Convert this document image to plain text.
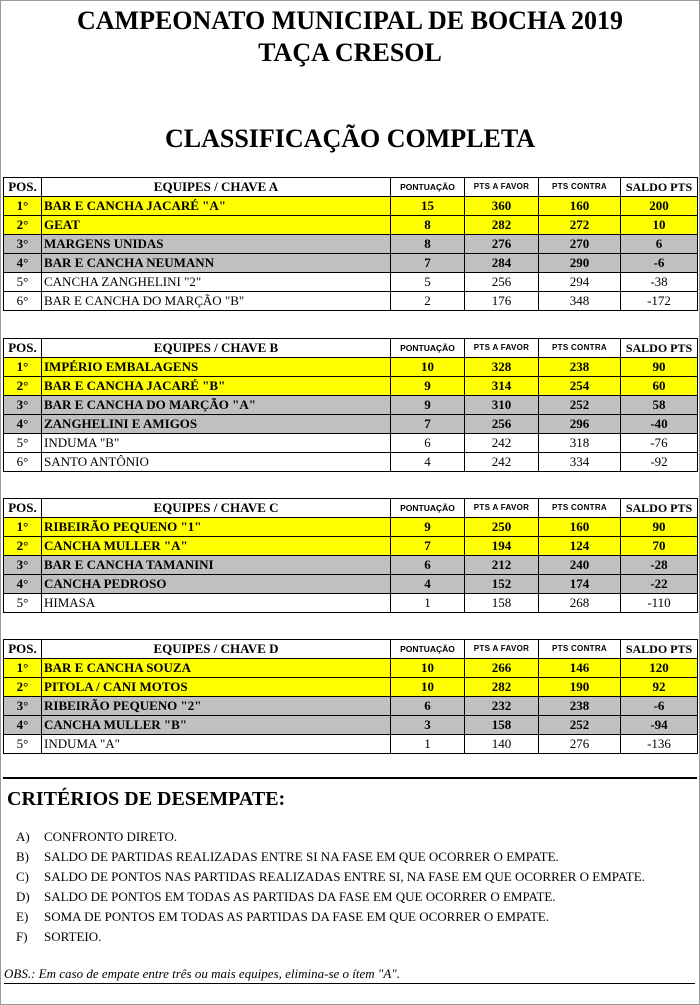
CAMPEONATO MUNICIPAL DE BOCHA 2019
TAÇA CRESOL
CLASSIFICAÇÃO COMPLETA
POS.	EQUIPES / CHAVE A	PONTUAÇÃO	PTS A FAVOR	PTS CONTRA	SALDO PTS
1°	BAR E CANCHA JACARÉ "A"	15	360	160	200
2°	GEAT	8	282	272	10
3°	MARGENS UNIDAS	8	276	270	6
4°	BAR E CANCHA NEUMANN	7	284	290	-6
5°	CANCHA ZANGHELINI "2"	5	256	294	-38
6°	BAR E CANCHA DO MARÇÃO "B"	2	176	348	-172
POS.	EQUIPES / CHAVE B	PONTUAÇÃO	PTS A FAVOR	PTS CONTRA	SALDO PTS
1°	IMPÉRIO EMBALAGENS	10	328	238	90
2°	BAR E CANCHA JACARÉ "B"	9	314	254	60
3°	BAR E CANCHA DO MARÇÃO "A"	9	310	252	58
4°	ZANGHELINI E AMIGOS	7	256	296	-40
5°	INDUMA "B"	6	242	318	-76
6°	SANTO ANTÔNIO	4	242	334	-92
POS.	EQUIPES / CHAVE C	PONTUAÇÃO	PTS A FAVOR	PTS CONTRA	SALDO PTS
1°	RIBEIRÃO PEQUENO "1"	9	250	160	90
2°	CANCHA MULLER "A"	7	194	124	70
3°	BAR E CANCHA TAMANINI	6	212	240	-28
4°	CANCHA PEDROSO	4	152	174	-22
5°	HIMASA	1	158	268	-110
POS.	EQUIPES / CHAVE D	PONTUAÇÃO	PTS A FAVOR	PTS CONTRA	SALDO PTS
1°	BAR E CANCHA SOUZA	10	266	146	120
2°	PITOLA / CANI MOTOS	10	282	190	92
3°	RIBEIRÃO PEQUENO "2"	6	232	238	-6
4°	CANCHA MULLER "B"	3	158	252	-94
5°	INDUMA "A"	1	140	276	-136
CRITÉRIOS DE DESEMPATE:
A) CONFRONTO DIRETO.
B) SALDO DE PARTIDAS REALIZADAS ENTRE SI NA FASE EM QUE OCORRER O EMPATE.
C) SALDO DE PONTOS NAS PARTIDAS REALIZADAS ENTRE SI, NA FASE EM QUE OCORRER O EMPATE.
D) SALDO DE PONTOS EM TODAS AS PARTIDAS DA FASE EM QUE OCORRER O EMPATE.
E) SOMA DE PONTOS EM TODAS AS PARTIDAS DA FASE EM QUE OCORRER O EMPATE.
F) SORTEIO.
OBS.: Em caso de empate entre três ou mais equipes, elimina-se o ítem "A".
